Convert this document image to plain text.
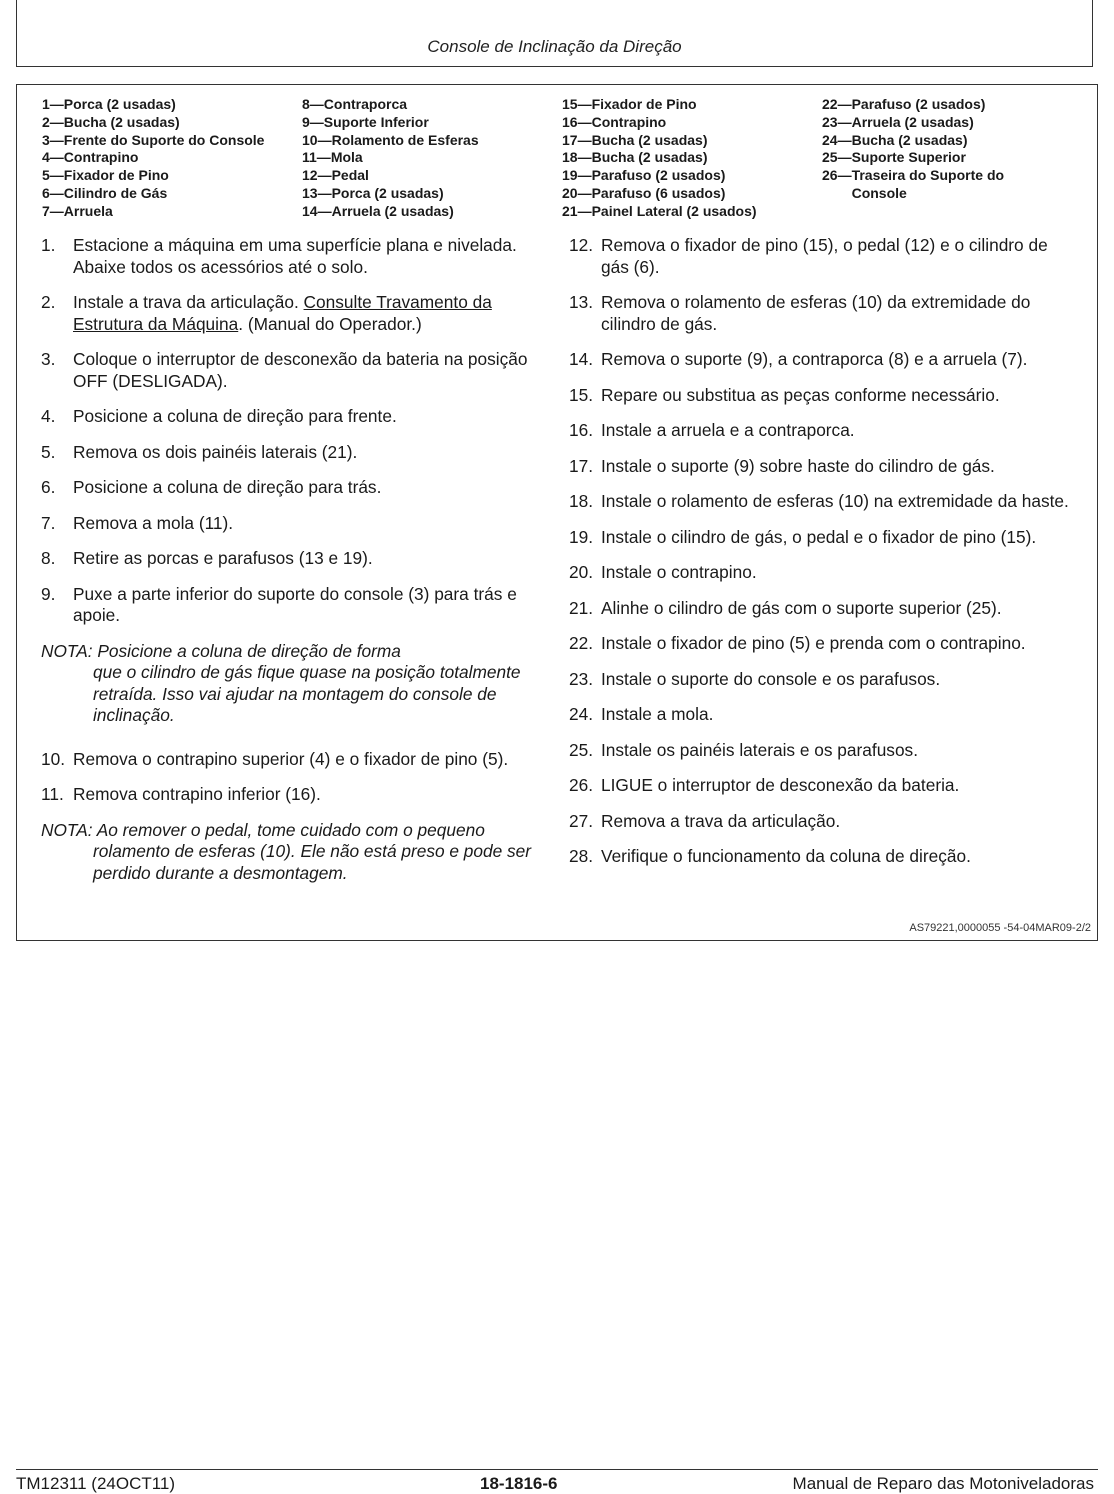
Console de Inclinação da Direção
1— Porca (2 usadas)
2— Bucha (2 usadas)
3— Frente do Suporte do Console
4— Contrapino
5— Fixador de Pino
6— Cilindro de Gás
7— Arruela
8— Contraporca
9— Suporte Inferior
10— Rolamento de Esferas
11— Mola
12— Pedal
13— Porca (2 usadas)
14— Arruela (2 usadas)
15— Fixador de Pino
16— Contrapino
17— Bucha (2 usadas)
18— Bucha (2 usadas)
19— Parafuso (2 usados)
20— Parafuso (6 usados)
21— Painel Lateral (2 usados)
22— Parafuso (2 usados)
23— Arruela (2 usadas)
24— Bucha (2 usadas)
25— Suporte Superior
26— Traseira do Suporte do Console
1. Estacione a máquina em uma superfície plana e nivelada. Abaixe todos os acessórios até o solo.
2. Instale a trava da articulação. Consulte Travamento da Estrutura da Máquina. (Manual do Operador.)
3. Coloque o interruptor de desconexão da bateria na posição OFF (DESLIGADA).
4. Posicione a coluna de direção para frente.
5. Remova os dois painéis laterais (21).
6. Posicione a coluna de direção para trás.
7. Remova a mola (11).
8. Retire as porcas e parafusos (13 e 19).
9. Puxe a parte inferior do suporte do console (3) para trás e apoie.
NOTA: Posicione a coluna de direção de forma
que o cilindro de gás fique quase na posição totalmente retraída. Isso vai ajudar na montagem do console de inclinação.
10. Remova o contrapino superior (4) e o fixador de pino (5).
11. Remova contrapino inferior (16).
NOTA: Ao remover o pedal, tome cuidado com o pequeno
rolamento de esferas (10). Ele não está preso e pode ser perdido durante a desmontagem.
12. Remova o fixador de pino (15), o pedal (12) e o cilindro de gás (6).
13. Remova o rolamento de esferas (10) da extremidade do cilindro de gás.
14. Remova o suporte (9), a contraporca (8) e a arruela (7).
15. Repare ou substitua as peças conforme necessário.
16. Instale a arruela e a contraporca.
17. Instale o suporte (9) sobre haste do cilindro de gás.
18. Instale o rolamento de esferas (10) na extremidade da haste.
19. Instale o cilindro de gás, o pedal e o fixador de pino (15).
20. Instale o contrapino.
21. Alinhe o cilindro de gás com o suporte superior (25).
22. Instale o fixador de pino (5) e prenda com o contrapino.
23. Instale o suporte do console e os parafusos.
24. Instale a mola.
25. Instale os painéis laterais e os parafusos.
26. LIGUE o interruptor de desconexão da bateria.
27. Remova a trava da articulação.
28. Verifique o funcionamento da coluna de direção.
AS79221,0000055 -54-04MAR09-2/2
TM12311 (24OCT11)	18-1816-6	Manual de Reparo das Motoniveladoras
